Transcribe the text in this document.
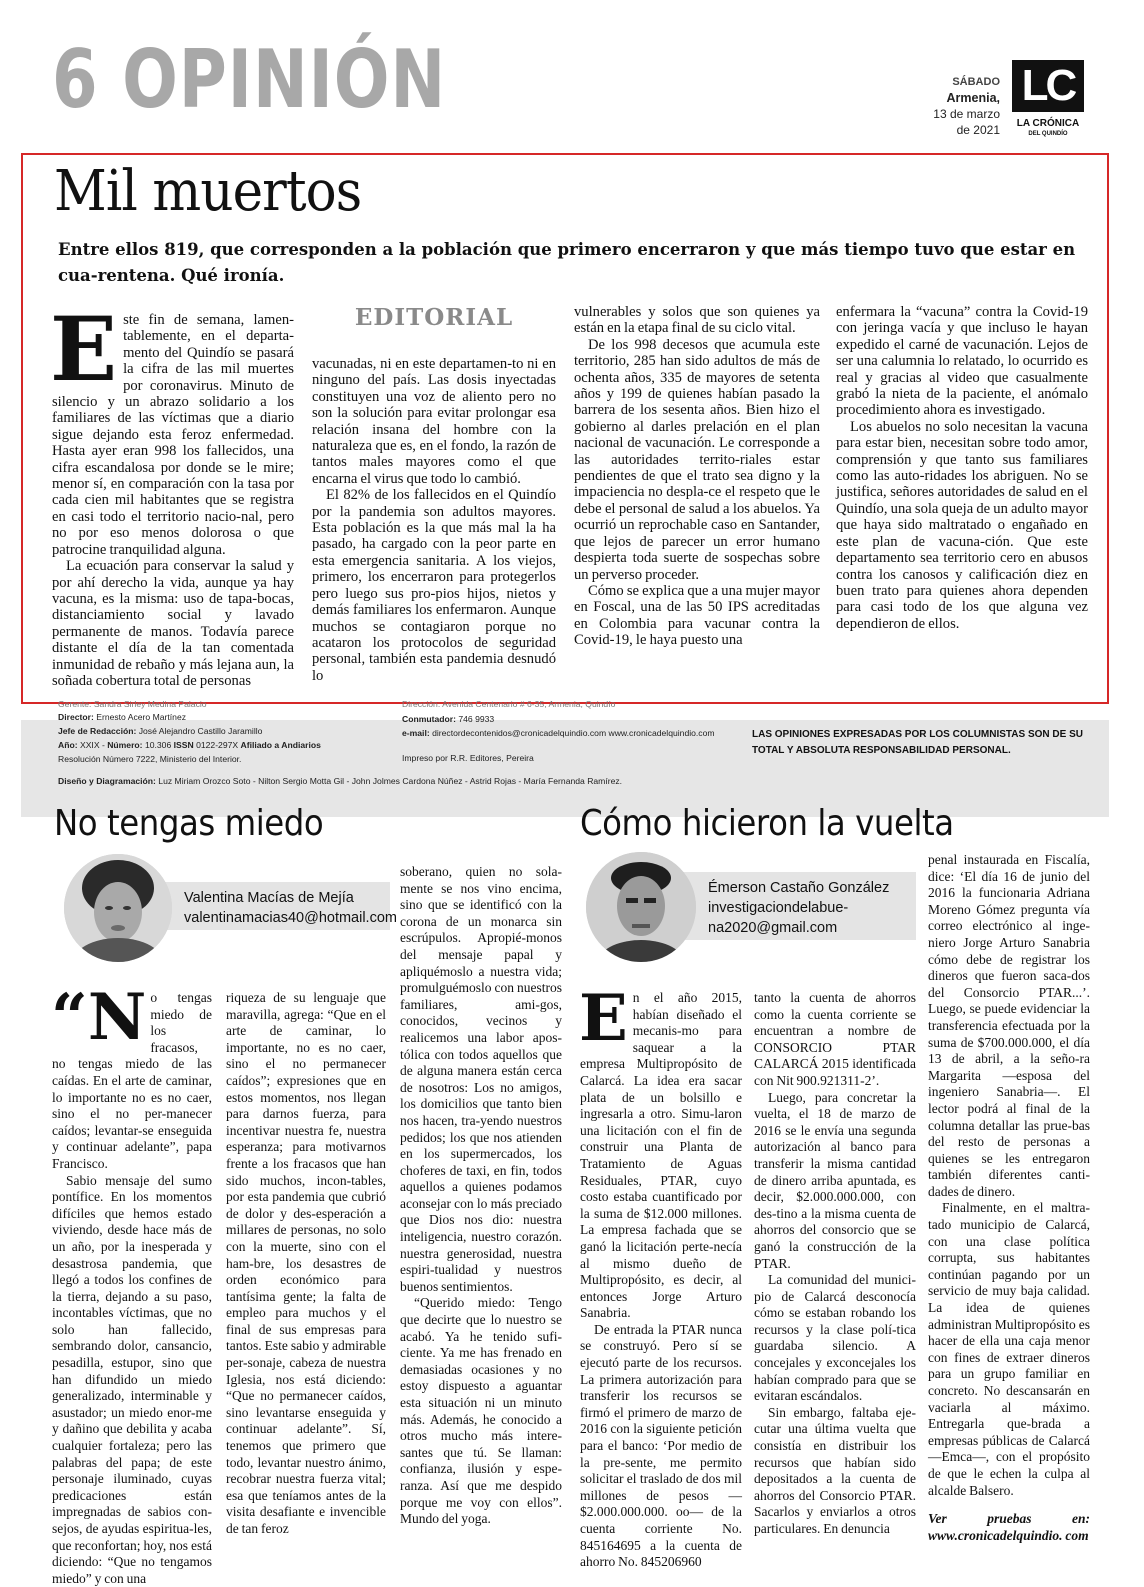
6 OPINIÓN	SÁBADO
Armenia,
13 de marzo
de 2021
LC
LA CRÓNICA
DEL QUINDÍO
Mil muertos
Entre ellos 819, que corresponden a la población que primero encerraron y que más tiempo tuvo que estar en cua-rentena. Qué ironía.

Este fin de semana, lamen-tablemente, en el departa-mento del Quindío se pasará la cifra de las mil muertes por coronavirus. Minuto de silencio y un abrazo solidario a los familiares de las víctimas que a diario sigue dejando esta feroz enfermedad. Hasta ayer eran 998 los fallecidos, una cifra escandalosa por donde se le mire; menor sí, en comparación con la tasa por cada cien mil habitantes que se registra en casi todo el territorio nacio-nal, pero no por eso menos dolorosa o que patrocine tranquilidad alguna.

La ecuación para conservar la salud y por ahí derecho la vida, aunque ya hay vacuna, es la misma: uso de tapa-bocas, distanciamiento social y lavado permanente de manos. Todavía parece distante el día de la tan comentada inmunidad de rebaño y más lejana aun, la soñada cobertura total de personas

EDITORIAL

vacunadas, ni en este departamen-to ni en ninguno del país. Las dosis inyectadas constituyen una voz de aliento pero no son la solución para evitar prolongar esa relación insana del hombre con la naturaleza que es, en el fondo, la razón de tantos males mayores como el que encarna el virus que todo lo cambió.

El 82% de los fallecidos en el Quindío por la pandemia son adultos mayores. Esta población es la que más mal la ha pasado, ha cargado con la peor parte en esta emergencia sanitaria. A los viejos, primero, los encerraron para protegerlos pero luego sus pro-pios hijos, nietos y demás familiares los enfermaron. Aunque muchos se contagiaron porque no acataron los protocolos de seguridad personal, también esta pandemia desnudó lo

vulnerables y solos que son quienes ya están en la etapa final de su ciclo vital.

De los 998 decesos que acumula este territorio, 285 han sido adultos de más de ochenta años, 335 de mayores de setenta años y 199 de quienes habían pasado la barrera de los sesenta años. Bien hizo el gobierno al darles prelación en el plan nacional de vacunación. Le corresponde a las autoridades territo-riales estar pendientes de que el trato sea digno y la impaciencia no despla-ce el respeto que le debe el personal de salud a los abuelos. Ya ocurrió un reprochable caso en Santander, que lejos de parecer un error humano despierta toda suerte de sospechas sobre un perverso proceder.

Cómo se explica que a una mujer mayor en Foscal, una de las 50 IPS acreditadas en Colombia para vacunar contra la Covid-19, le haya puesto una

enfermara la “vacuna” contra la Covid-19 con jeringa vacía y que incluso le hayan expedido el carné de vacunación. Lejos de ser una calumnia lo relatado, lo ocurrido es real y gracias al video que casualmente grabó la nieta de la paciente, el anómalo procedimiento ahora es investigado.

Los abuelos no solo necesitan la vacuna para estar bien, necesitan sobre todo amor, comprensión y que tanto sus familiares como las auto-ridades los abriguen. No se justifica, señores autoridades de salud en el Quindío, una sola queja de un adulto mayor que haya sido maltratado o engañado en este plan de vacuna-ción. Que este departamento sea territorio cero en abusos contra los canosos y calificación diez en buen trato para quienes ahora dependen para casi todo de los que alguna vez dependieron de ellos.

Gerente: Sandra Sirley Medina Palacio
Director: Ernesto Acero Martínez
Jefe de Redacción: José Alejandro Castillo Jaramillo
Año: XXIX - Número: 10.306 ISSN 0122-297X Afiliado a Andiarios
Resolución Número 7222, Ministerio del Interior.
Diseño y Diagramación: Luz Miriam Orozco Soto - Nilton Sergio Motta Gil - John Jolmes Cardona Núñez - Astrid Rojas - María Fernanda Ramírez.
Dirección: Avenida Centenario # 6-35, Armenia, Quindío
Conmutador: 746 9933
e-mail: directordecontenidos@cronicadelquindio.com www.cronicadelquindio.com
Impreso por R.R. Editores, Pereira
LAS OPINIONES EXPRESADAS POR LOS COLUMNISTAS SON DE SU TOTAL Y ABSOLUTA RESPONSABILIDAD PERSONAL.
No tengas miedo
Valentina Macías de Mejía
valentinamacias40@hotmail.com

“N o tengas miedo de los fracasos, no tengas miedo de las caídas. En el arte de caminar, lo importante no es no caer, sino el no per-manecer caídos; levantar-se enseguida y continuar adelante”, papa Francisco.

Sabio mensaje del sumo pontífice. En los momentos difíciles que hemos estado viviendo, desde hace más de un año, por la inesperada y desastrosa pandemia, que llegó a todos los confines de la tierra, dejando a su paso, incontables víctimas, que no solo han fallecido, sembrando dolor, cansancio, pesadilla, estupor, sino que han difundido un miedo generalizado, interminable y asustador; un miedo enor-me y dañino que debilita y acaba cualquier fortaleza; pero las palabras del papa; de este personaje iluminado, cuyas predicaciones están impregnadas de sabios con-sejos, de ayudas espiritua-les, que reconfortan; hoy, nos está diciendo: “Que no tengamos miedo” y con una

riqueza de su lenguaje que maravilla, agrega: “Que en el arte de caminar, lo importante, no es no caer, sino el no permanecer caídos”; expresiones que en estos momentos, nos llegan para darnos fuerza, para incentivar nuestra fe, nuestra esperanza; para motivarnos frente a los fracasos que han sido muchos, incon-tables, por esta pandemia que cubrió de dolor y des-esperación a millares de personas, no solo con la muerte, sino con el ham-bre, los desastres de orden económico para tantísima gente; la falta de empleo para muchos y el final de sus empresas para tantos. Este sabio y admirable per-sonaje, cabeza de nuestra Iglesia, nos está diciendo: “Que no permanecer caídos, sino levantarse enseguida y continuar adelante”. Sí, tenemos que primero que todo, levantar nuestro ánimo, recobrar nuestra fuerza vital; esa que teníamos antes de la visita desafiante e invencible de tan feroz

soberano, quien no sola-mente se nos vino encima, sino que se identificó con la corona de un monarca sin escrúpulos. Apropié-monos del mensaje papal y apliquémoslo a nuestra vida; promulguémoslo con nuestros familiares, ami-gos, conocidos, vecinos y realicemos una labor apos-tólica con todos aquellos que de alguna manera están cerca de nosotros: Los no amigos, los domicilios que tanto bien nos hacen, tra-yendo nuestros pedidos; los que nos atienden en los supermercados, los choferes de taxi, en fin, todos aquellos a quienes podamos aconsejar con lo más preciado que Dios nos dio: nuestra inteligencia, nuestro corazón. nuestra generosidad, nuestra espiri-tualidad y nuestros buenos sentimientos.

“Querido miedo: Tengo que decirte que lo nuestro se acabó. Ya he tenido sufi-ciente. Ya me has frenado en demasiadas ocasiones y no estoy dispuesto a aguantar esta situación ni un minuto más. Además, he conocido a otros mucho más intere-santes que tú. Se llaman: confianza, ilusión y espe-ranza. Así que me despido porque me voy con ellos”. Mundo del yoga.

Cómo hicieron la vuelta
Émerson Castaño González
investigaciondelabue-
na2020@gmail.com

En el año 2015, habían diseñado el mecanis-mo para saquear a la empresa Multipropósito de Calarcá. La idea era sacar plata de un bolsillo e ingresarla a otro. Simu-laron una licitación con el fin de construir una Planta de Tratamiento de Aguas Residuales, PTAR, cuyo costo estaba cuantificado por la suma de $12.000 millones. La empresa fachada que se ganó la licitación perte-necía al mismo dueño de Multipropósito, es decir, al entonces Jorge Arturo Sanabria.

De entrada la PTAR nunca se construyó. Pero sí se ejecutó parte de los recursos. La primera autorización para transferir los recursos se firmó el primero de marzo de 2016 con la siguiente petición para el banco: ‘Por medio de la pre-sente, me permito solicitar el traslado de dos mil millones de pesos —$2.000.000.000. oo— de la cuenta corriente No. 845164695 a la cuenta de ahorro No. 845206960

tanto la cuenta de ahorros como la cuenta corriente se encuentran a nombre de CONSORCIO PTAR CALARCÁ 2015 identificada con Nit 900.921311-2’.

Luego, para concretar la vuelta, el 18 de marzo de 2016 se le envía una segunda autorización al banco para transferir la misma cantidad de dinero arriba apuntada, es decir, $2.000.000.000, con des-tino a la misma cuenta de ahorros del consorcio que se ganó la construcción de la PTAR.

La comunidad del munici-pio de Calarcá desconocía cómo se estaban robando los recursos y la clase polí-tica guardaba silencio. A concejales y exconcejales los habían comprado para que se evitaran escándalos.

Sin embargo, faltaba eje-cutar una última vuelta que consistía en distribuir los recursos que habían sido depositados a la cuenta de ahorros del Consorcio PTAR. Sacarlos y enviarlos a otros particulares. En denuncia

penal instaurada en Fiscalía, dice: ‘El día 16 de junio del 2016 la funcionaria Adriana Moreno Gómez pregunta vía correo electrónico al inge-niero Jorge Arturo Sanabria cómo debe de registrar los dineros que fueron saca-dos del Consorcio PTAR...’. Luego, se puede evidenciar la transferencia efectuada por la suma de $700.000.000, el día 13 de abril, a la seño-ra Margarita —esposa del ingeniero Sanabria—. El lector podrá al final de la columna detallar las prue-bas del resto de personas a quienes se les entregaron también diferentes canti-dades de dinero.

Finalmente, en el maltra-tado municipio de Calarcá, con una clase política corrupta, sus habitantes continúan pagando por un servicio de muy baja calidad. La idea de quienes administran Multipropósito es hacer de ella una caja menor con fines de extraer dineros para un grupo familiar en concreto. No descansarán en vaciarla al máximo. Entregarla que-brada a empresas públicas de Calarcá —Emca—, con el propósito de que le echen la culpa al alcalde Balsero.

Ver pruebas en: www.cronicadelquindio. com
